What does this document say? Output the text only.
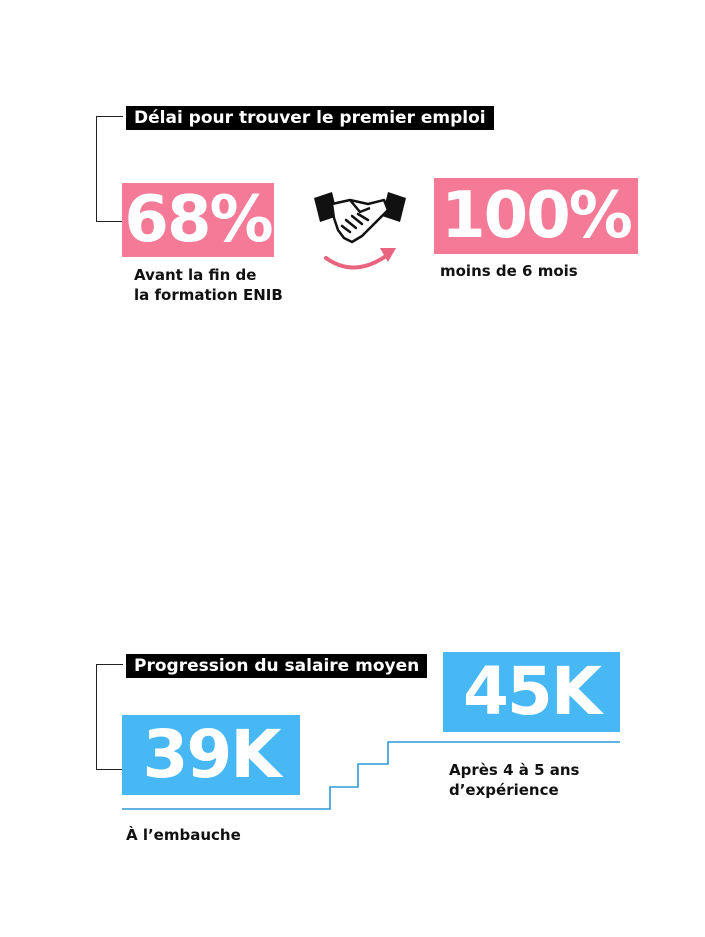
Délai pour trouver le premier emploi
68%
Avant la fin de
la formation ENIB
100%
moins de 6 mois
Progression du salaire moyen
39K
45K
Après 4 à 5 ans
d’expérience
À l’embauche
